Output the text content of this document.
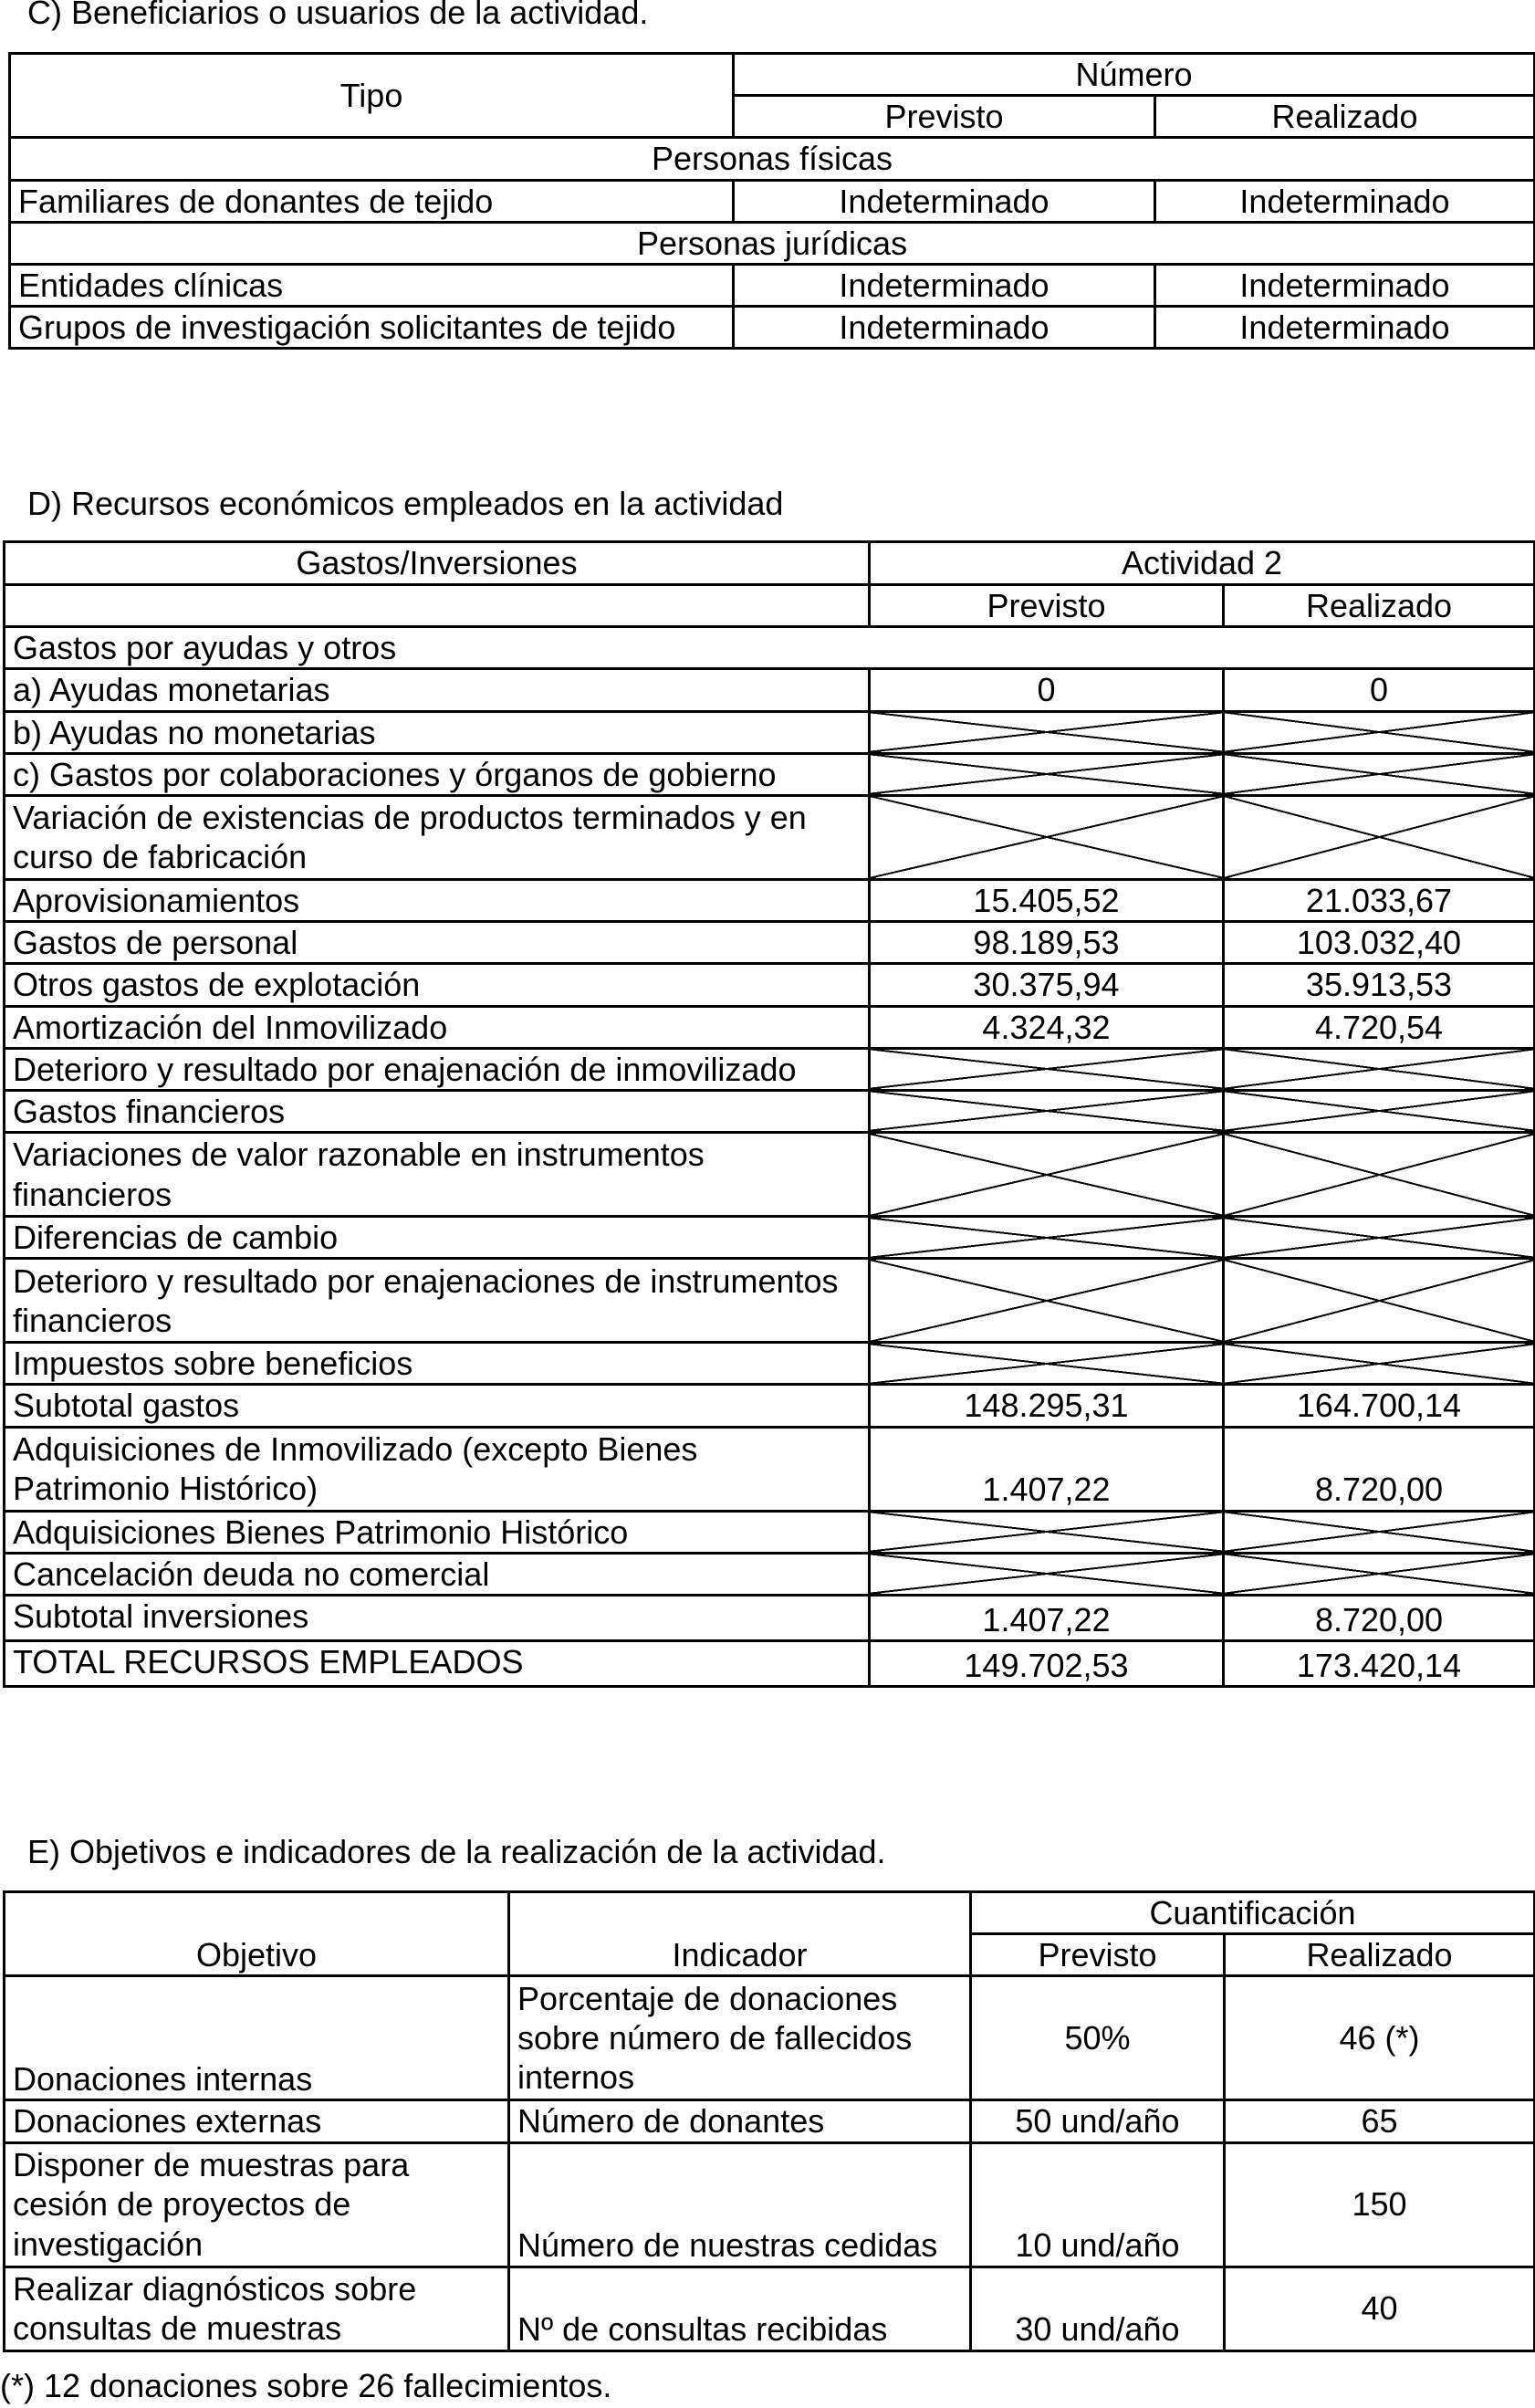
C) Beneficiarios o usuarios de la actividad.
Tipo	Número	
	Previsto	Realizado
Personas físicas		
Familiares de donantes de tejido	Indeterminado	Indeterminado
Personas jurídicas		
Entidades clínicas	Indeterminado	Indeterminado
Grupos de investigación solicitantes de tejido	Indeterminado	Indeterminado
D) Recursos económicos empleados en la actividad
Gastos/Inversiones	Actividad 2	
	Previsto	Realizado
Gastos por ayudas y otros		
a) Ayudas monetarias	0	0
b) Ayudas no monetarias		
c) Gastos por colaboraciones y órganos de gobierno		
Variación de existencias de productos terminados y en curso de fabricación		
Aprovisionamientos	15.405,52	21.033,67
Gastos de personal	98.189,53	103.032,40
Otros gastos de explotación	30.375,94	35.913,53
Amortización del Inmovilizado	4.324,32	4.720,54
Deterioro y resultado por enajenación de inmovilizado		
Gastos financieros		
Variaciones de valor razonable en instrumentos financieros		
Diferencias de cambio		
Deterioro y resultado por enajenaciones de instrumentos financieros		
Impuestos sobre beneficios		
Subtotal gastos	148.295,31	164.700,14
Adquisiciones de Inmovilizado (excepto Bienes Patrimonio Histórico)	1.407,22	8.720,00
Adquisiciones Bienes Patrimonio Histórico		
Cancelación deuda no comercial		
Subtotal inversiones	1.407,22	8.720,00
TOTAL RECURSOS EMPLEADOS	149.702,53	173.420,14
E) Objetivos e indicadores de la realización de la actividad.
Objetivo	Indicador	Cuantificación	
		Previsto	Realizado
Donaciones internas	Porcentaje de donaciones sobre número de fallecidos internos	50%	46 (*)
Donaciones externas	Número de donantes	50 und/año	65
Disponer de muestras para cesión de proyectos de investigación	Número de nuestras cedidas	10 und/año	150
Realizar diagnósticos sobre consultas de muestras	Nº de consultas recibidas	30 und/año	40
(*) 12 donaciones sobre 26 fallecimientos.
